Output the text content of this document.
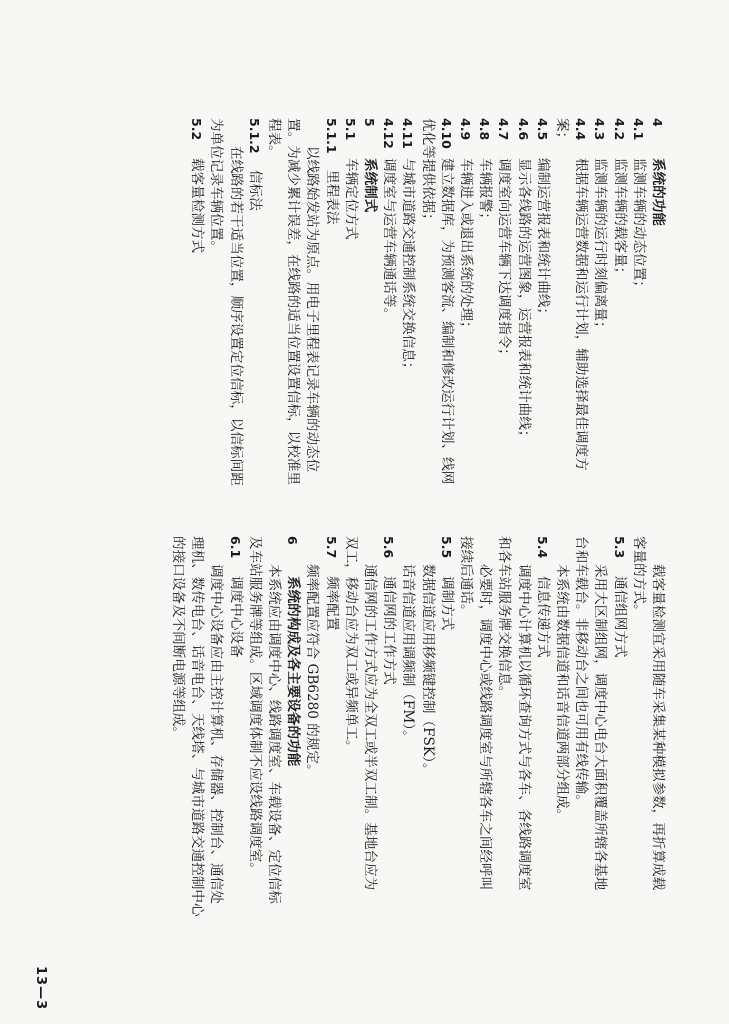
4
系统的功能
4.1
监测车辆的动态位置；
4.2
监测车辆的载客量；
4.3
监测车辆的运行时刻偏离量；
4.4
根据车辆运营数据和运行计划，辅助选择最佳调度方
案；
4.5
编制运营报表和统计曲线；
4.6
显示各线路的运营图象，运营报表和统计曲线；
4.7
调度室向运营车辆下达调度指令；
4.8
车辆报警；
4.9
车辆进入或退出系统的处理；
4.10
建立数据库，为预测客流、编制和修改运行计划、线网
优化等提供依据；
4.11
与城市道路交通控制系统交换信息；
4.12
调度室与运营车辆通话等。
5
系统制式
5.1
车辆定位方式
5.1.1
里程表法
以线路始发站为原点。用电子里程表记录车辆的动态位
置。为减少累计误差，在线路的适当位置设置信标，以校准里
程表。
5.1.2
信标法
在线路的若干适当位置，顺序设置定位信标，以信标间距
为单位记录车辆位置。
5.2
载客量检测方式
载客量检测宜采用随车采集某种模拟参数，再折算成载
客量的方式。
5.3
通信组网方式
采用大区制组网，调度中心电台大面积覆盖所辖各基地
台和车载台。非移动台之间也可用有线传输。
本系统由数据信道和话音信道两部分组成。
5.4
信息传递方式
调度中心计算机以循环查询方式与各车、各线路调度室
和各车站服务牌交换信息。
必要时，调度中心或线路调度室与所辖各车之间经呼叫
接续后通话。
5.5
调制方式
数据信道应用移频键控制（FSK）。
话音信道应用调频制（FM）。
5.6
通信网的工作方式
通信网的工作方式应为全双工或半双工制。基地台应为
双工，移动台应为双工或异频单工。
5.7
频率配置
频率配置应符合 GB6280 的规定。
6
系统的构成及各主要设备的功能
本系统应由调度中心、线路调度室、车载设备、定位信标
及车站服务牌等组成。区域调度体制不应设线路调度室。
6.1
调度中心设备
调度中心设备应由主控计算机、存储器、控制台、通信处
理机、数传电台、话音电台、天线塔、与城市道路交通控制中心
的接口设备及不间断电源等组成。
13—3
